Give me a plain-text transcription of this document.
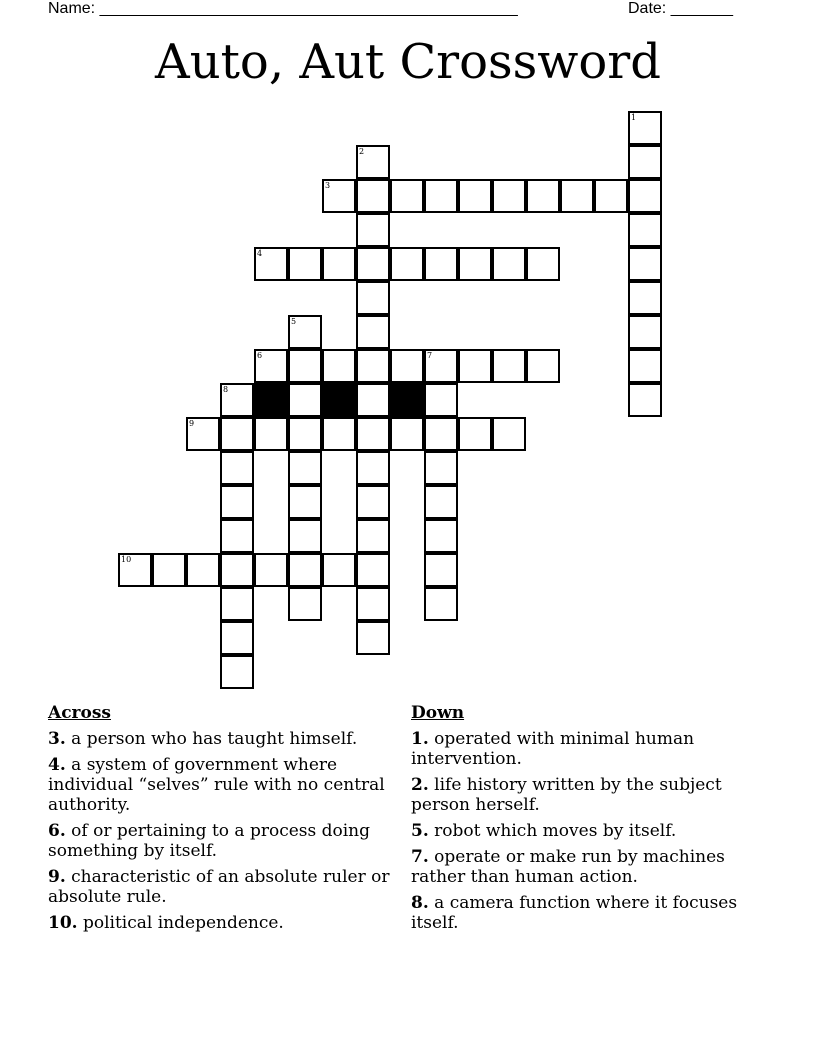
Name: _______________________________________________	Date: _______
Auto, Aut Crossword
1
2
3
4
5
6	7
8
9
10
Across
3. a person who has taught himself.
4. a system of government where individual “selves” rule with no central authority.
6. of or pertaining to a process doing something by itself.
9. characteristic of an absolute ruler or absolute rule.
10. political independence.
Down
1. operated with minimal human intervention.
2. life history written by the subject person herself.
5. robot which moves by itself.
7. operate or make run by machines rather than human action.
8. a camera function where it focuses itself.
